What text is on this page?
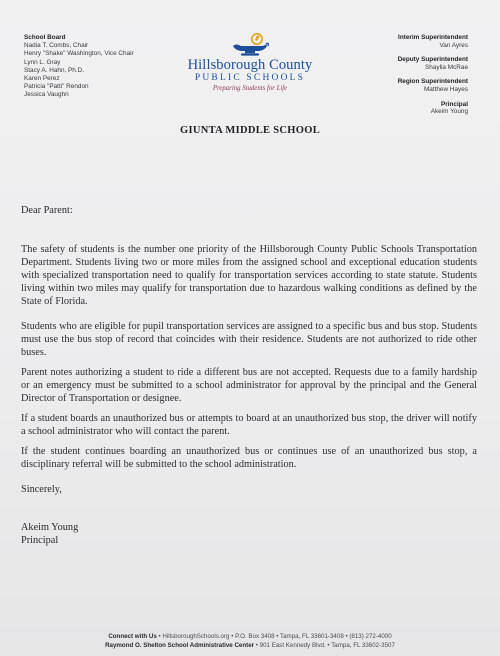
School Board
Nadia T. Combs, Chair
Henry "Shake" Washington, Vice Chair
Lynn L. Gray
Stacy A. Hahn, Ph.D.
Karen Perez
Patricia "Patti" Rendon
Jessica Vaughn
Hillsborough County
PUBLIC SCHOOLS
Preparing Students for Life
Interim Superintendent
Van Ayres
Deputy Superintendent
Shaylia McRae
Region Superintendent
Matthew Hayes
Principal
Akeim Young
GIUNTA MIDDLE SCHOOL
Dear Parent:
The safety of students is the number one priority of the Hillsborough County Public Schools Transportation Department. Students living two or more miles from the assigned school and exceptional education students with specialized transportation need to qualify for transportation services according to state statute. Students living within two miles may qualify for transportation due to hazardous walking conditions as defined by the State of Florida.
Students who are eligible for pupil transportation services are assigned to a specific bus and bus stop. Students must use the bus stop of record that coincides with their residence. Students are not authorized to ride other buses.
Parent notes authorizing a student to ride a different bus are not accepted. Requests due to a family hardship or an emergency must be submitted to a school administrator for approval by the principal and the General Director of Transportation or designee.
If a student boards an unauthorized bus or attempts to board at an unauthorized bus stop, the driver will notify a school administrator who will contact the parent.
If the student continues boarding an unauthorized bus or continues use of an unauthorized bus stop, a disciplinary referral will be submitted to the school administration.
Sincerely,
Akeim Young
Principal
Connect with Us • HillsboroughSchools.org • P.O. Box 3408 • Tampa, FL 33601-3408 • (813) 272-4000
Raymond O. Shelton School Administrative Center • 901 East Kennedy Blvd. • Tampa, FL 33602-3507
